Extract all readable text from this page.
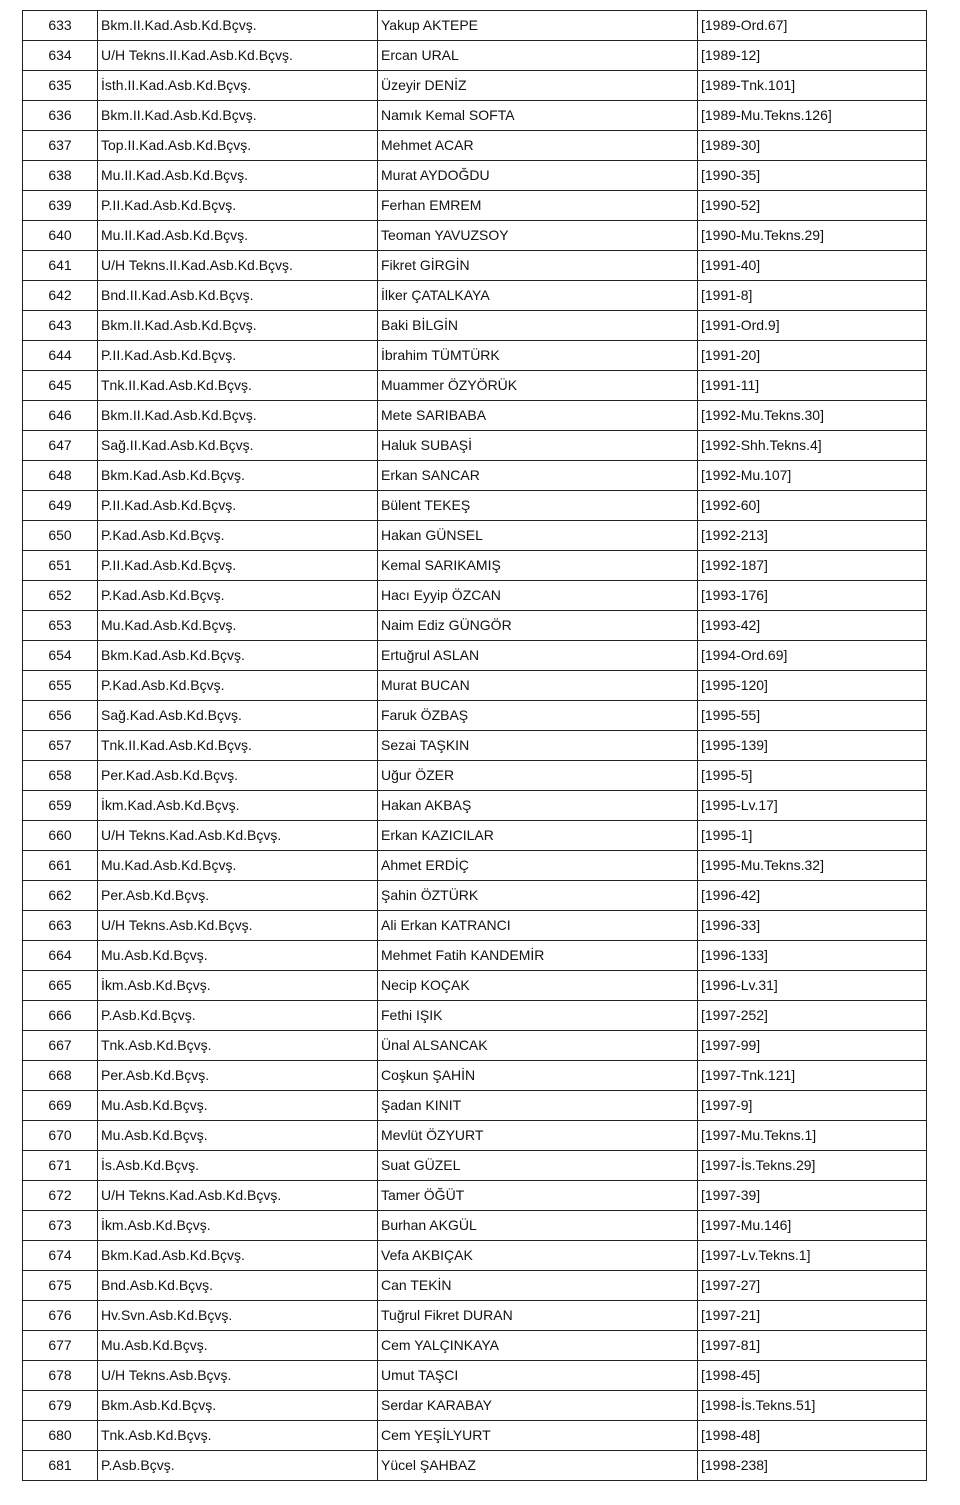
633	Bkm.II.Kad.Asb.Kd.Bçvş.	Yakup AKTEPE	[1989-Ord.67]
634	U/H Tekns.II.Kad.Asb.Kd.Bçvş.	Ercan URAL	[1989-12]
635	İsth.II.Kad.Asb.Kd.Bçvş.	Üzeyir DENİZ	[1989-Tnk.101]
636	Bkm.II.Kad.Asb.Kd.Bçvş.	Namık Kemal SOFTA	[1989-Mu.Tekns.126]
637	Top.II.Kad.Asb.Kd.Bçvş.	Mehmet ACAR	[1989-30]
638	Mu.II.Kad.Asb.Kd.Bçvş.	Murat AYDOĞDU	[1990-35]
639	P.II.Kad.Asb.Kd.Bçvş.	Ferhan EMREM	[1990-52]
640	Mu.II.Kad.Asb.Kd.Bçvş.	Teoman YAVUZSOY	[1990-Mu.Tekns.29]
641	U/H Tekns.II.Kad.Asb.Kd.Bçvş.	Fikret GİRGİN	[1991-40]
642	Bnd.II.Kad.Asb.Kd.Bçvş.	İlker ÇATALKAYA	[1991-8]
643	Bkm.II.Kad.Asb.Kd.Bçvş.	Baki BİLGİN	[1991-Ord.9]
644	P.II.Kad.Asb.Kd.Bçvş.	İbrahim TÜMTÜRK	[1991-20]
645	Tnk.II.Kad.Asb.Kd.Bçvş.	Muammer ÖZYÖRÜK	[1991-11]
646	Bkm.II.Kad.Asb.Kd.Bçvş.	Mete SARIBABA	[1992-Mu.Tekns.30]
647	Sağ.II.Kad.Asb.Kd.Bçvş.	Haluk SUBAŞİ	[1992-Shh.Tekns.4]
648	Bkm.Kad.Asb.Kd.Bçvş.	Erkan SANCAR	[1992-Mu.107]
649	P.II.Kad.Asb.Kd.Bçvş.	Bülent TEKEŞ	[1992-60]
650	P.Kad.Asb.Kd.Bçvş.	Hakan GÜNSEL	[1992-213]
651	P.II.Kad.Asb.Kd.Bçvş.	Kemal SARIKAMIŞ	[1992-187]
652	P.Kad.Asb.Kd.Bçvş.	Hacı Eyyip ÖZCAN	[1993-176]
653	Mu.Kad.Asb.Kd.Bçvş.	Naim Ediz GÜNGÖR	[1993-42]
654	Bkm.Kad.Asb.Kd.Bçvş.	Ertuğrul ASLAN	[1994-Ord.69]
655	P.Kad.Asb.Kd.Bçvş.	Murat BUCAN	[1995-120]
656	Sağ.Kad.Asb.Kd.Bçvş.	Faruk ÖZBAŞ	[1995-55]
657	Tnk.II.Kad.Asb.Kd.Bçvş.	Sezai TAŞKIN	[1995-139]
658	Per.Kad.Asb.Kd.Bçvş.	Uğur ÖZER	[1995-5]
659	İkm.Kad.Asb.Kd.Bçvş.	Hakan AKBAŞ	[1995-Lv.17]
660	U/H Tekns.Kad.Asb.Kd.Bçvş.	Erkan KAZICILAR	[1995-1]
661	Mu.Kad.Asb.Kd.Bçvş.	Ahmet ERDİÇ	[1995-Mu.Tekns.32]
662	Per.Asb.Kd.Bçvş.	Şahin ÖZTÜRK	[1996-42]
663	U/H Tekns.Asb.Kd.Bçvş.	Ali Erkan KATRANCI	[1996-33]
664	Mu.Asb.Kd.Bçvş.	Mehmet Fatih KANDEMİR	[1996-133]
665	İkm.Asb.Kd.Bçvş.	Necip KOÇAK	[1996-Lv.31]
666	P.Asb.Kd.Bçvş.	Fethi IŞIK	[1997-252]
667	Tnk.Asb.Kd.Bçvş.	Ünal ALSANCAK	[1997-99]
668	Per.Asb.Kd.Bçvş.	Coşkun ŞAHİN	[1997-Tnk.121]
669	Mu.Asb.Kd.Bçvş.	Şadan KINIT	[1997-9]
670	Mu.Asb.Kd.Bçvş.	Mevlüt ÖZYURT	[1997-Mu.Tekns.1]
671	İs.Asb.Kd.Bçvş.	Suat GÜZEL	[1997-İs.Tekns.29]
672	U/H Tekns.Kad.Asb.Kd.Bçvş.	Tamer ÖĞÜT	[1997-39]
673	İkm.Asb.Kd.Bçvş.	Burhan AKGÜL	[1997-Mu.146]
674	Bkm.Kad.Asb.Kd.Bçvş.	Vefa AKBIÇAK	[1997-Lv.Tekns.1]
675	Bnd.Asb.Kd.Bçvş.	Can TEKİN	[1997-27]
676	Hv.Svn.Asb.Kd.Bçvş.	Tuğrul Fikret DURAN	[1997-21]
677	Mu.Asb.Kd.Bçvş.	Cem YALÇINKAYA	[1997-81]
678	U/H Tekns.Asb.Bçvş.	Umut TAŞCI	[1998-45]
679	Bkm.Asb.Kd.Bçvş.	Serdar KARABAY	[1998-İs.Tekns.51]
680	Tnk.Asb.Kd.Bçvş.	Cem YEŞİLYURT	[1998-48]
681	P.Asb.Bçvş.	Yücel ŞAHBAZ	[1998-238]
